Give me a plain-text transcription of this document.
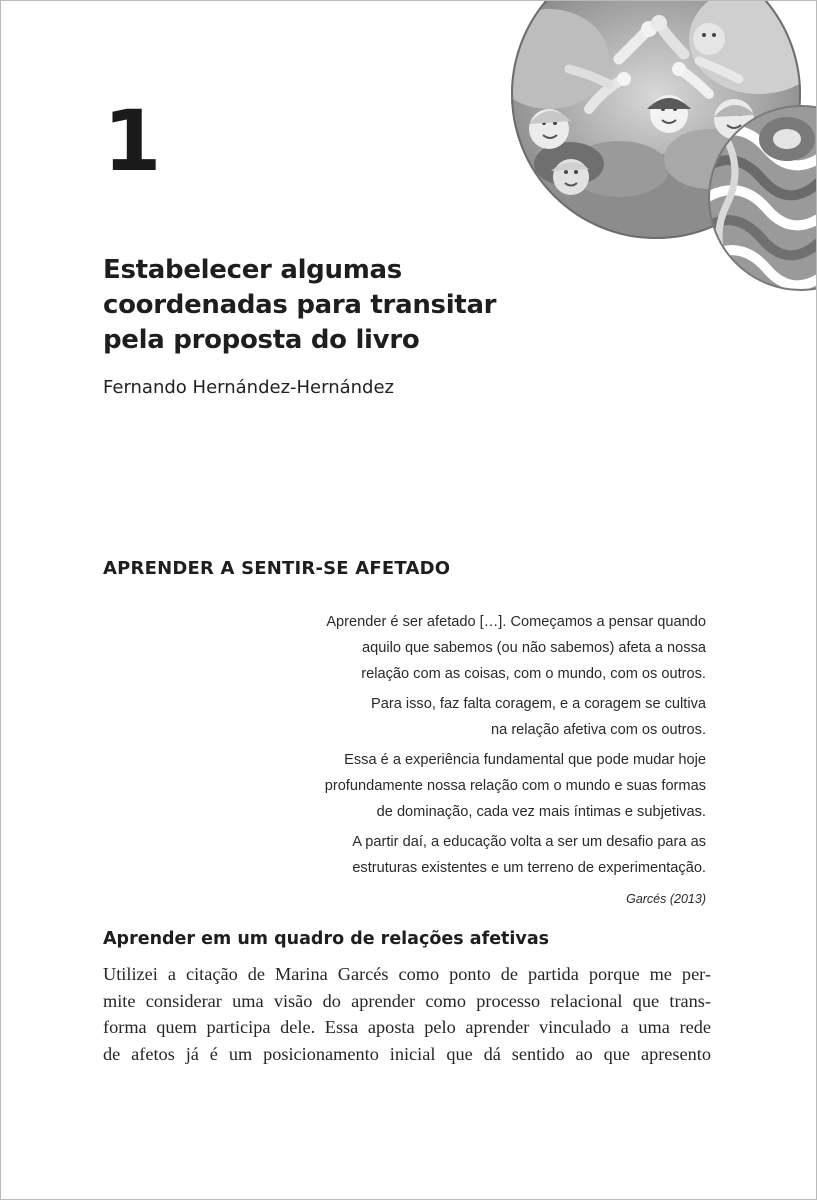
1
Estabelecer algumas
coordenadas para transitar
pela proposta do livro
Fernando Hernández-Hernández
APRENDER A SENTIR-SE AFETADO

Aprender é ser afetado […]. Começamos a pensar quando
aquilo que sabemos (ou não sabemos) afeta a nossa
relação com as coisas, com o mundo, com os outros.

Para isso, faz falta coragem, e a coragem se cultiva
na relação afetiva com os outros.

Essa é a experiência fundamental que pode mudar hoje
profundamente nossa relação com o mundo e suas formas
de dominação, cada vez mais íntimas e subjetivas.

A partir daí, a educação volta a ser um desafio para as
estruturas existentes e um terreno de experimentação.

Garcés (2013)

Aprender em um quadro de relações afetivas
Utilizei a citação de Marina Garcés como ponto de partida porque me per-
mite considerar uma visão do aprender como processo relacional que trans-
forma quem participa dele. Essa aposta pelo aprender vinculado a uma rede
de afetos já é um posicionamento inicial que dá sentido ao que apresento
